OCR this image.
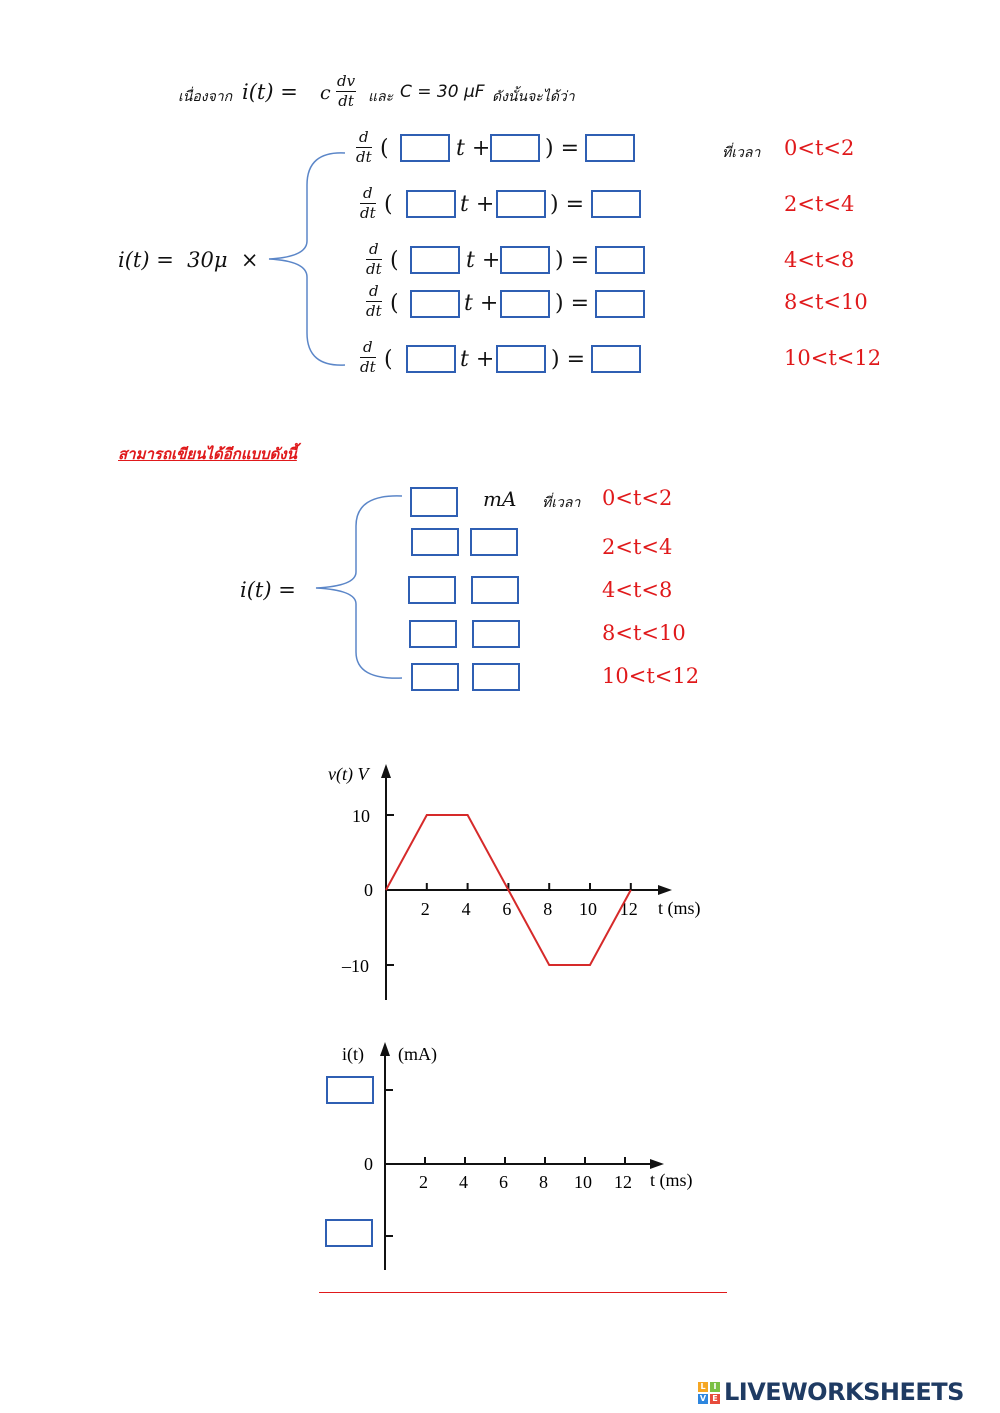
เนื่องจาก i(t) = c
dv
dt และ C = 30 μF ดังนั้นจะได้ว่า
i(t) =  30μ  ×
ที่เวลา
d
dt (	t + ) =	0<t<2
d
dt (	t +	) =	2<t<4
d
dt (	t + ) =	4<t<8
d
dt (	t +	) =	8<t<10
d
dt (	t +	) =	10<t<12
สามารถเขียนได้อีกแบบดังนี้
i(t) =
mA ที่เวลา 0<t<2
2<t<4
4<t<8
8<t<10
10<t<12
v(t) V
t (ms)
10
0
–10
2 4 6 8 10 12
i(t) (mA)
0
t (ms)
2 4 6 8 10 12
L I
V E LIVEWORKSHEETS
